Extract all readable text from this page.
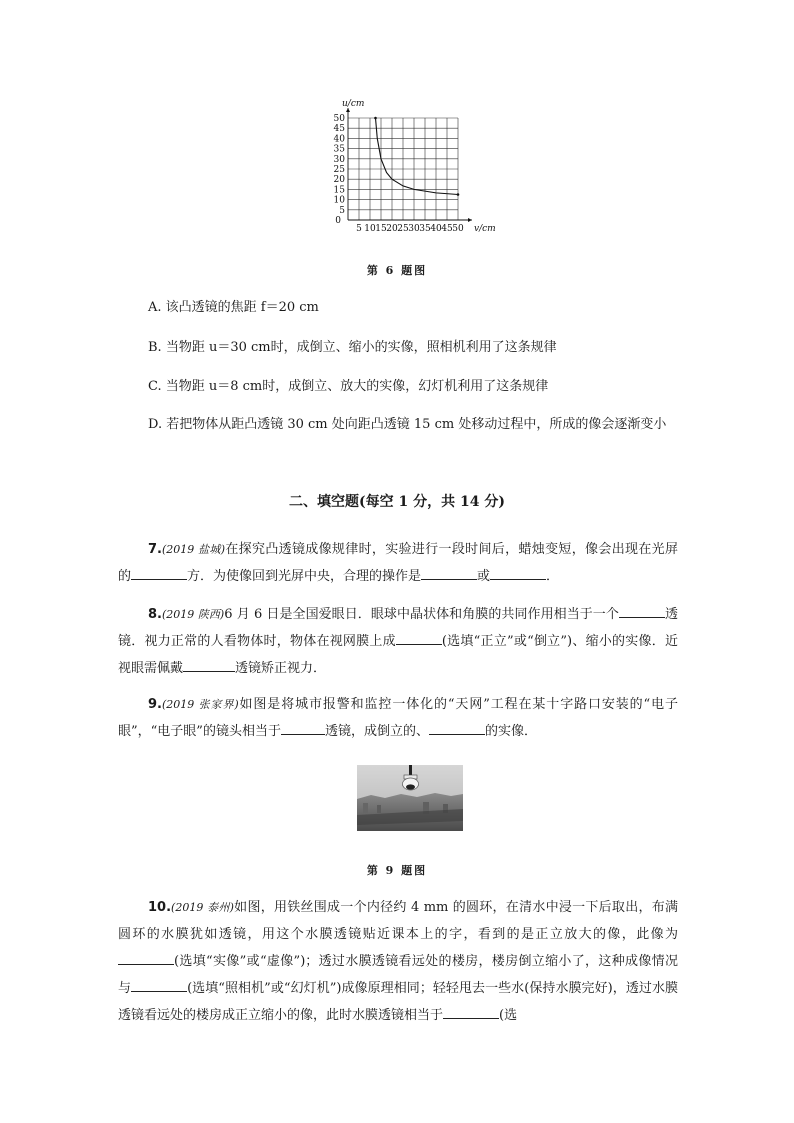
5 10 15 20 25 30 35 40 45 50
5
10
15
20
25
30
35
40
45
50
0
v/cm
u/cm
第 6 题图
A. 该凸透镜的焦距 f＝20 cm
B. 当物距 u＝30 cm时，成倒立、缩小的实像，照相机利用了这条规律
C. 当物距 u＝8 cm时，成倒立、放大的实像，幻灯机利用了这条规律
D. 若把物体从距凸透镜 30 cm 处向距凸透镜 15 cm 处移动过程中，所成的像会逐渐变小
二、填空题(每空 1 分，共 14 分)
7.(2019 盐城)在探究凸透镜成像规律时，实验进行一段时间后，蜡烛变短，像会出现在光屏的	方．为使像回到光屏中央，合理的操作是	或	．
8.(2019 陕西)6 月 6 日是全国爱眼日．眼球中晶状体和角膜的共同作用相当于一个	透镜．视力正常的人看物体时，物体在视网膜上成	(选填“正立”或“倒立”)、缩小的实像．近视眼需佩戴	透镜矫正视力．
9.(2019 张家界)如图是将城市报警和监控一体化的“天网”工程在某十字路口安装的“电子眼”，“电子眼”的镜头相当于	透镜，成倒立的、	的实像．
第 9 题图
10.(2019 泰州)如图，用铁丝围成一个内径约 4 mm 的圆环，在清水中浸一下后取出，布满圆环的水膜犹如透镜，用这个水膜透镜贴近课本上的字，看到的是正立放大的像，此像为(选填“实像”或“虚像”)；透过水膜透镜看远处的楼房，楼房倒立缩小了，这种成像情况与	(选填“照相机”或“幻灯机”)成像原理相同；轻轻甩去一些水(保持水膜完好)，透过水膜透镜看远处的楼房成正立缩小的像，此时水膜透镜相当于	(选
